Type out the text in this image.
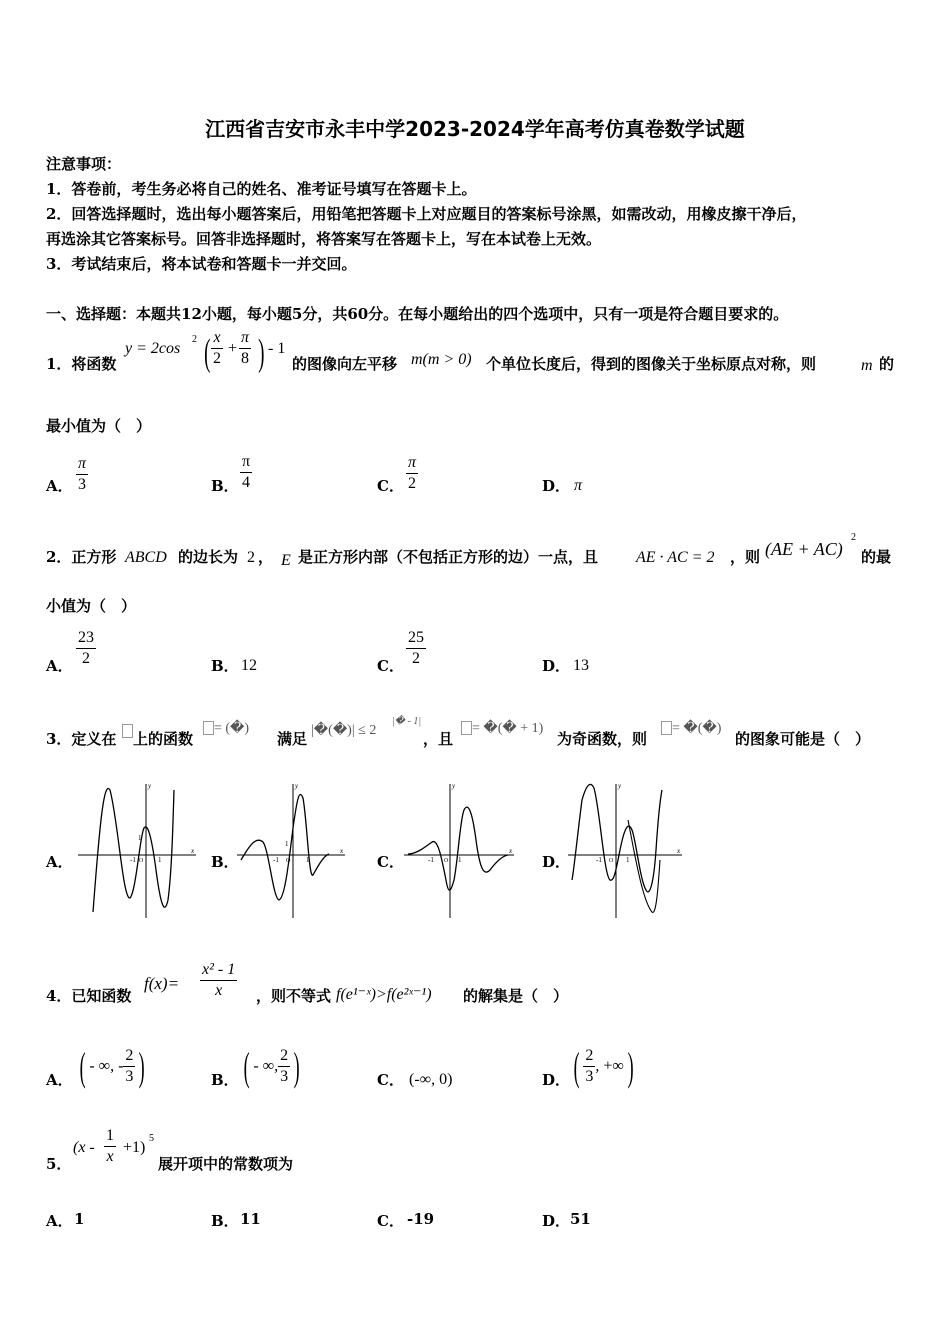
江西省吉安市永丰中学2023-2024学年高考仿真卷数学试题
注意事项：
1．答卷前，考生务必将自己的姓名、准考证号填写在答题卡上。
2．回答选择题时，选出每小题答案后，用铅笔把答题卡上对应题目的答案标号涂黑，如需改动，用橡皮擦干净后，
再选涂其它答案标号。回答非选择题时，将答案写在答题卡上，写在本试卷上无效。
3．考试结束后，将本试卷和答题卡一并交回。
一、选择题：本题共12小题，每小题5分，共60分。在每小题给出的四个选项中，只有一项是符合题目要求的。
1．将函数
y = 2cos
2 ( $\frac{x}{2} + \frac{\pi}{8}$ ) - 1
的图像向左平移 m(m > 0) 个单位长度后，得到的图像关于坐标原点对称，则	m 的
最小值为（　）
A． $\frac{\pi}{3}$	B． $\frac{\pi}{4}$	C． $\frac{\pi}{2}$	D． π
2．正方形 ABCD 的边长为 2 ， E 是正方形内部（不包括正方形的边）一点，且 AE · AC = 2 ，则 (AE + AC)
2
的最
小值为（　）
A． $\frac{23}{2}$	B． 12	C． $\frac{25}{2}$	D． 13
3．定义在 上的函数
= (�)
满足 |�(�)| ≤ 2
|� - 1|
，且
= �(� + 1)
为奇函数，则
= �(�)
的图象可能是（　）
A．
y
x
-1 O 1
1
B．
y
x
-1 O 1
1
C．
y
x
-1 O 1	D．
y
x
-1 O 1
4．已知函数
$f(x)= \frac{\text{x² - 1}}{x}$ ，则不等式 f(e¹⁻ˣ)>f(e²ˣ⁻¹) 的解集是（　）
A． ( - ∞, - $\frac{2}{3}$ )	B． ( - ∞, $\frac{2}{3}$ )	C． (-∞, 0)	D． ( $\frac{2}{3}$ , +∞)
5．
$(x - \frac{1}{x} +1)$
5
展开项中的常数项为
A． 1	B． 11	C． -19	D． 51
